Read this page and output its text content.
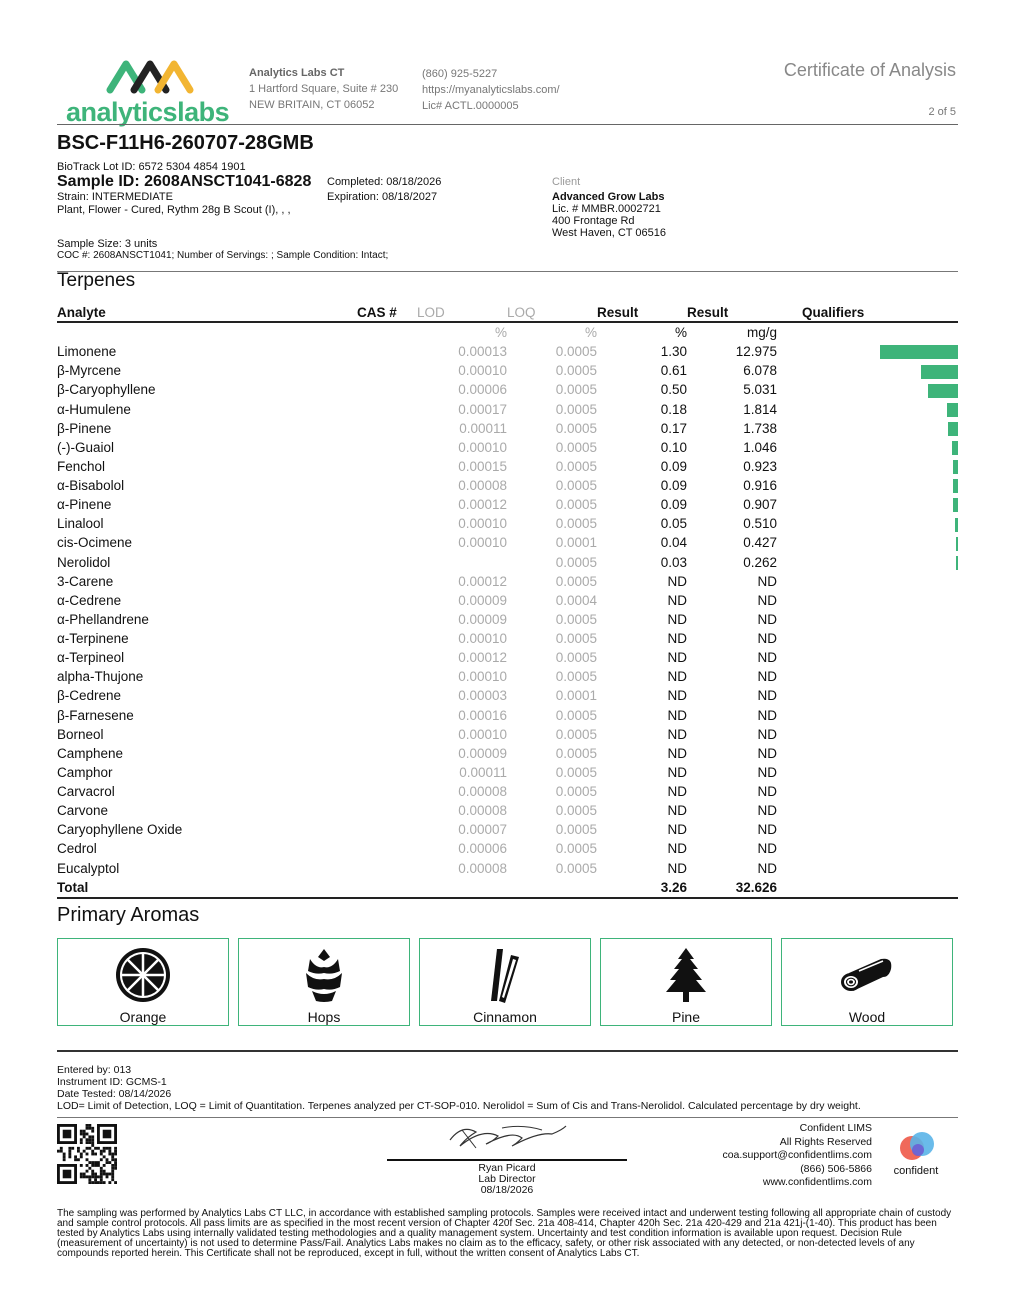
analyticslabs
Analytics Labs CT
1 Hartford Square, Suite # 230
NEW BRITAIN, CT 06052
(860) 925-5227
https://myanalyticslabs.com/
Lic# ACTL.0000005
Certificate of Analysis
2 of 5
BSC-F11H6-260707-28GMB
BioTrack Lot ID: 6572 5304 4854 1901
Sample ID: 2608ANSCT1041-6828
Strain: INTERMEDIATE
Plant, Flower - Cured, Rythm 28g B Scout (I), , ,
Completed: 08/18/2026
Expiration: 08/18/2027
Sample Size: 3 units
COC #: 2608ANSCT1041; Number of Servings: ; Sample Condition: Intact;
Client
Advanced Grow Labs
Lic. # MMBR.0002721
400 Frontage Rd
West Haven, CT 06516
Terpenes
Analyte	CAS #	LOD	LOQ	Result	Result		Qualifiers
		%	%	%	mg/g		
Limonene		0.00013	0.0005	1.30	12.975		
β-Myrcene		0.00010	0.0005	0.61	6.078		
β-Caryophyllene		0.00006	0.0005	0.50	5.031		
α-Humulene		0.00017	0.0005	0.18	1.814		
β-Pinene		0.00011	0.0005	0.17	1.738		
(-)-Guaiol		0.00010	0.0005	0.10	1.046		
Fenchol		0.00015	0.0005	0.09	0.923		
α-Bisabolol		0.00008	0.0005	0.09	0.916		
α-Pinene		0.00012	0.0005	0.09	0.907		
Linalool		0.00010	0.0005	0.05	0.510		
cis-Ocimene		0.00010	0.0001	0.04	0.427		
Nerolidol			0.0005	0.03	0.262		
3-Carene		0.00012	0.0005	ND	ND		
α-Cedrene		0.00009	0.0004	ND	ND		
α-Phellandrene		0.00009	0.0005	ND	ND		
α-Terpinene		0.00010	0.0005	ND	ND		
α-Terpineol		0.00012	0.0005	ND	ND		
alpha-Thujone		0.00010	0.0005	ND	ND		
β-Cedrene		0.00003	0.0001	ND	ND		
β-Farnesene		0.00016	0.0005	ND	ND		
Borneol		0.00010	0.0005	ND	ND		
Camphene		0.00009	0.0005	ND	ND		
Camphor		0.00011	0.0005	ND	ND		
Carvacrol		0.00008	0.0005	ND	ND		
Carvone		0.00008	0.0005	ND	ND		
Caryophyllene Oxide		0.00007	0.0005	ND	ND		
Cedrol		0.00006	0.0005	ND	ND		
Eucalyptol		0.00008	0.0005	ND	ND		
Total				3.26	32.626		
Primary Aromas
Orange	Hops	Cinnamon	Pine	Wood
Entered by: 013
Instrument ID: GCMS-1
Date Tested: 08/14/2026
LOD= Limit of Detection, LOQ = Limit of Quantitation. Terpenes analyzed per CT-SOP-010. Nerolidol = Sum of Cis and Trans-Nerolidol. Calculated percentage by dry weight.
Ryan Picard
Lab Director
08/18/2026
Confident LIMS
All Rights Reserved
coa.support@confidentlims.com
(866) 506-5866
www.confidentlims.com
confident
The sampling was performed by Analytics Labs CT LLC, in accordance with established sampling protocols. Samples were received intact and underwent testing following all appropriate chain of custody and sample control protocols. All pass limits are as specified in the most recent version of Chapter 420f Sec. 21a 408-414, Chapter 420h Sec. 21a 420-429 and 21a 421j-(1-40). This product has been tested by Analytics Labs using internally validated testing methodologies and a quality management system. Uncertainty and test condition information is available upon request. Decision Rule (measurement of uncertainty) is not used to determine Pass/Fail. Analytics Labs makes no claim as to the efficacy, safety, or other risk associated with any detected, or non-detected levels of any compounds reported herein. This Certificate shall not be reproduced, except in full, without the written consent of Analytics Labs CT.
